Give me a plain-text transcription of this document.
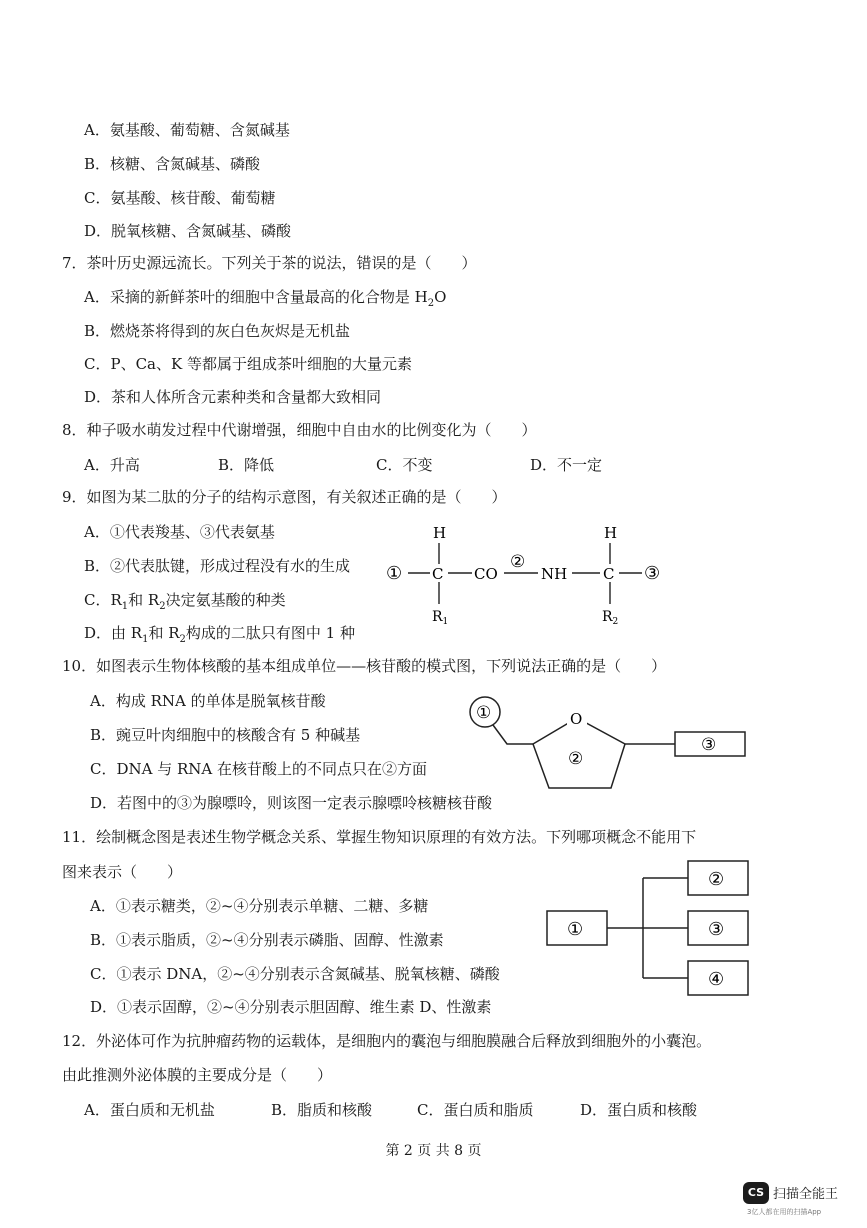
A．氨基酸、葡萄糖、含氮碱基
B．核糖、含氮碱基、磷酸
C．氨基酸、核苷酸、葡萄糖
D．脱氧核糖、含氮碱基、磷酸
7．茶叶历史源远流长。下列关于茶的说法，错误的是（　　）
A．采摘的新鲜茶叶的细胞中含量最高的化合物是 $H_2O$
B．燃烧茶将得到的灰白色灰烬是无机盐
C．P、Ca、K 等都属于组成茶叶细胞的大量元素
D．茶和人体所含元素种类和含量都大致相同
8．种子吸水萌发过程中代谢增强，细胞中自由水的比例变化为（　　）
A．升高	B．降低	C．不变	D．不一定
9．如图为某二肽的分子的结构示意图，有关叙述正确的是（　　）
A．①代表羧基、③代表氨基
B．②代表肽键，形成过程没有水的生成
C．$R_1$和 $R_2$决定氨基酸的种类
D．由 $R_1$和 $R_2$构成的二肽只有图中 1 种
①
H
C
$R_1$
CO
②
NH
H
C
$R_2$
③
10．如图表示生物体核酸的基本组成单位——核苷酸的模式图，下列说法正确的是（　　）
A．构成 RNA 的单体是脱氧核苷酸
B．豌豆叶肉细胞中的核酸含有 5 种碱基
C．DNA 与 RNA 在核苷酸上的不同点只在②方面
D．若图中的③为腺嘌呤，则该图一定表示腺嘌呤核糖核苷酸
①	O
②
③
11．绘制概念图是表述生物学概念关系、掌握生物知识原理的有效方法。下列哪项概念不能用下
图来表示（　　）
A．①表示糖类，②~④分别表示单糖、二糖、多糖
B．①表示脂质，②~④分别表示磷脂、固醇、性激素
C．①表示 DNA，②~④分别表示含氮碱基、脱氧核糖、磷酸
D．①表示固醇，②~④分别表示胆固醇、维生素 D、性激素
①
②
③
④
12．外泌体可作为抗肿瘤药物的运载体，是细胞内的囊泡与细胞膜融合后释放到细胞外的小囊泡。
由此推测外泌体膜的主要成分是（　　）
A．蛋白质和无机盐	B．脂质和核酸	C．蛋白质和脂质	D．蛋白质和核酸
第 2 页 共 8 页
CS 扫描全能王
3亿人都在用的扫描App
